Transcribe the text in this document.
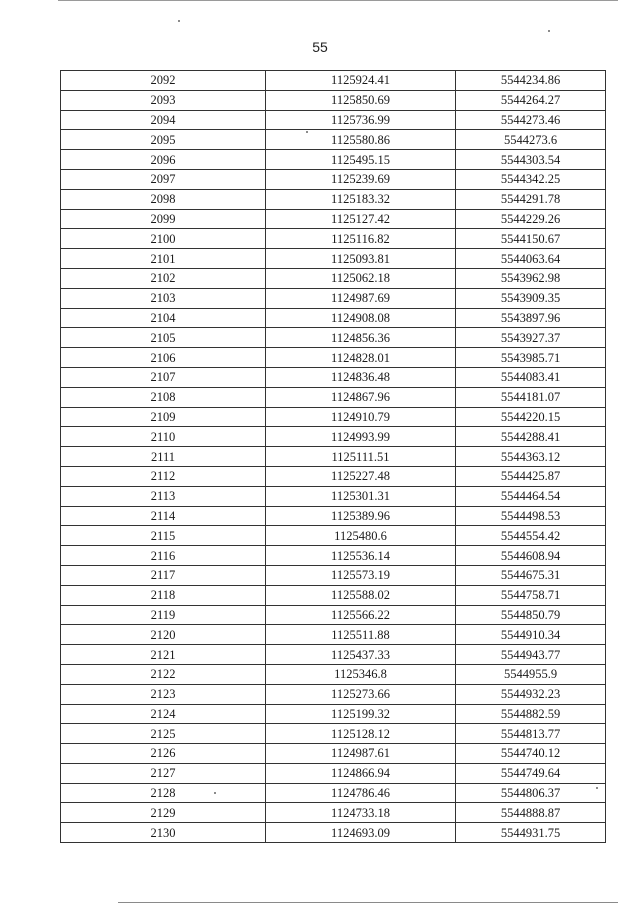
55
2092	1125924.41	5544234.86
2093	1125850.69	5544264.27
2094	1125736.99	5544273.46
2095	1125580.86	5544273.6
2096	1125495.15	5544303.54
2097	1125239.69	5544342.25
2098	1125183.32	5544291.78
2099	1125127.42	5544229.26
2100	1125116.82	5544150.67
2101	1125093.81	5544063.64
2102	1125062.18	5543962.98
2103	1124987.69	5543909.35
2104	1124908.08	5543897.96
2105	1124856.36	5543927.37
2106	1124828.01	5543985.71
2107	1124836.48	5544083.41
2108	1124867.96	5544181.07
2109	1124910.79	5544220.15
2110	1124993.99	5544288.41
2111	1125111.51	5544363.12
2112	1125227.48	5544425.87
2113	1125301.31	5544464.54
2114	1125389.96	5544498.53
2115	1125480.6	5544554.42
2116	1125536.14	5544608.94
2117	1125573.19	5544675.31
2118	1125588.02	5544758.71
2119	1125566.22	5544850.79
2120	1125511.88	5544910.34
2121	1125437.33	5544943.77
2122	1125346.8	5544955.9
2123	1125273.66	5544932.23
2124	1125199.32	5544882.59
2125	1125128.12	5544813.77
2126	1124987.61	5544740.12
2127	1124866.94	5544749.64
2128	1124786.46	5544806.37
2129	1124733.18	5544888.87
2130	1124693.09	5544931.75
